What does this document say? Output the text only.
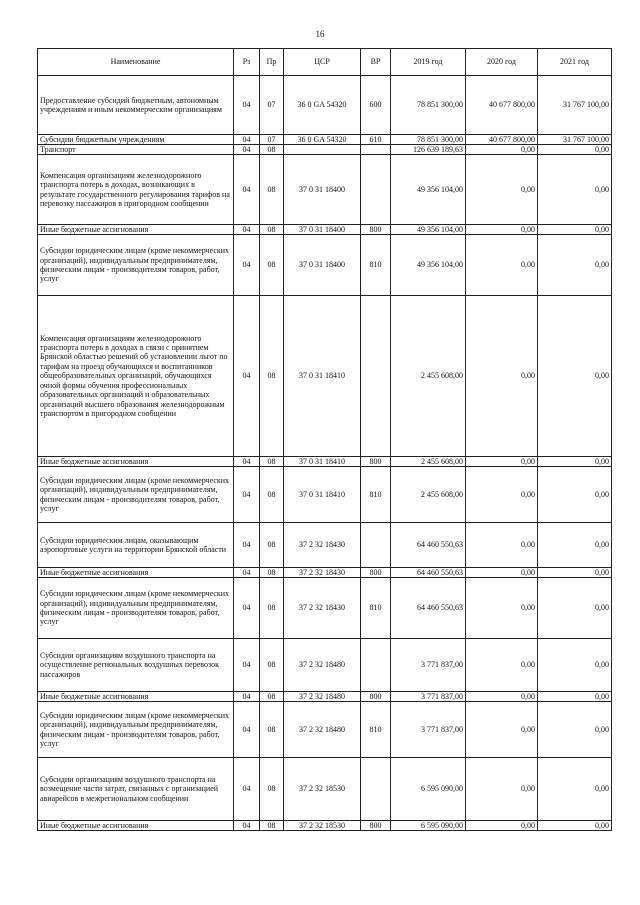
16
Наименование	Рз	Пр	ЦСР	ВР	2019 год	2020 год	2021 год
Предоставление субсидий бюджетным, автономным учреждениям и иным некоммерческим организациям	04	07	36 0 GA 54320	600	78 851 300,00	40 677 800,00	31 767 100,00
Субсидии бюджетным учреждениям	04	07	36 0 GA 54320	610	78 851 300,00	40 677 800,00	31 767 100,00
Транспорт	04	08			126 639 189,63	0,00	0,00
Компенсация организациям железнодорожного транспорта потерь в доходах, возникающих в результате государственного регулирования тарифов на перевозку пассажиров в пригородном сообщении	04	08	37 0 31 18400		49 356 104,00	0,00	0,00
Иные бюджетные ассигнования	04	08	37 0 31 18400	800	49 356 104,00	0,00	0,00
Субсидии юридическим лицам (кроме некоммерческих организаций), индивидуальным предпринимателям, физическим лицам - производителям товаров, работ, услуг	04	08	37 0 31 18400	810	49 356 104,00	0,00	0,00
Компенсация организациям железнодорожного транспорта потерь в доходах в связи с принятием Брянской областью решений об установлении льгот по тарифам на проезд обучающихся и воспитанников общеобразовательных организаций, обучающихся очной формы обучения профессиональных образовательных организаций и образовательных организаций высшего образования железнодорожным транспортом в пригородном сообщении	04	08	37 0 31 18410		2 455 608,00	0,00	0,00
Иные бюджетные ассигнования	04	08	37 0 31 18410	800	2 455 608,00	0,00	0,00
Субсидии юридическим лицам (кроме некоммерческих организаций), индивидуальным предпринимателям, физическим лицам - производителям товаров, работ, услуг	04	08	37 0 31 18410	810	2 455 608,00	0,00	0,00
Субсидии юридическим лицам, оказывающим аэропортовые услуги на территории Брянской области	04	08	37 2 32 18430		64 460 550,63	0,00	0,00
Иные бюджетные ассигнования	04	08	37 2 32 18430	800	64 460 550,63	0,00	0,00
Субсидии юридическим лицам (кроме некоммерческих организаций), индивидуальным предпринимателям, физическим лицам - производителям товаров, работ, услуг	04	08	37 2 32 18430	810	64 460 550,63	0,00	0,00
Субсидии организациям воздушного транспорта на осуществление региональных воздушных перевозок пассажиров	04	08	37 2 32 18480		3 771 837,00	0,00	0,00
Иные бюджетные ассигнования	04	08	37 2 32 18480	800	3 771 837,00	0,00	0,00
Субсидии юридическим лицам (кроме некоммерческих организаций), индивидуальным предпринимателям, физическим лицам - производителям товаров, работ, услуг	04	08	37 2 32 18480	810	3 771 837,00	0,00	0,00
Субсидии организациям воздушного транспорта на возмещение части затрат, связанных с организацией авиарейсов в межрегиональном сообщении	04	08	37 2 32 18530		6 595 090,00	0,00	0,00
Иные бюджетные ассигнования	04	08	37 2 32 18530	800	6 595 090,00	0,00	0,00
